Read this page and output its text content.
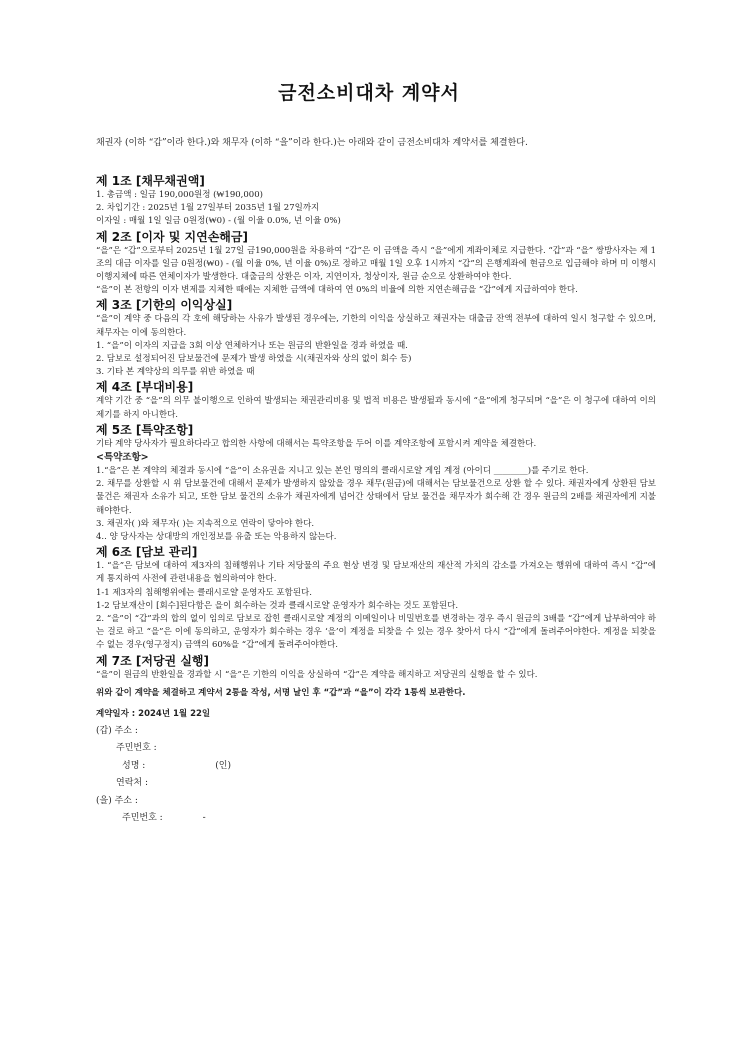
금전소비대차 계약서
채권자 (이하 “갑”이라 한다.)와 채무자 (이하 “을”이라 한다.)는 아래와 같이 금전소비대차 계약서를 체결한다.
제 1조 [채무채권액]
1. 총금액 : 일금 190,000원정 (₩190,000)
2. 차입기간 : 2025년 1월 27일부터 2035년 1월 27일까지
이자일 : 매월 1일 일금 0원정(₩0) - (월 이율 0.0%, 년 이율 0%)
제 2조 [이자 및 지연손해금]
“을”은 “갑”으로부터 2025년 1월 27일 금190,000원을 차용하여 “갑”은 이 금액을 즉시 “을”에게 계좌이체로 지급한다. “갑”과 “을” 쌍방사자는 제 1조의 대금 이자를 일금 0원정(₩0) - (월 이율 0%, 년 이율 0%)로 정하고 매월 1일 오후 1시까지 “갑”의 은행계좌에 현금으로 입금해야 하며 미 이행시 이행지체에 따른 연체이자가 발생한다. 대출금의 상환은 이자, 지연이자, 청상이자, 원금 순으로 상환하여야 한다.
“을”이 본 전항의 이자 변제를 지체한 때에는 지체한 금액에 대하여 연 0%의 비율에 의한 지연손해금을 “갑”에게 지급하여야 한다.
제 3조 [기한의 이익상실]
“을”이 계약 중 다음의 각 호에 해당하는 사유가 발생된 경우에는, 기한의 이익을 상실하고 채권자는 대출금 잔액 전부에 대하여 일시 청구할 수 있으며, 채무자는 이에 동의한다.
1. “을”이 이자의 지급을 3회 이상 연체하거나 또는 원금의 반환일을 경과 하였을 때.
2. 담보로 설정되어진 담보물건에 문제가 발생 하였을 시(채권자와 상의 없이 회수 등)
3. 기타 본 계약상의 의무를 위반 하였을 때
제 4조 [부대비용]
계약 기간 중 “을”의 의무 불이행으로 인하여 발생되는 채권관리비용 및 법적 비용은 발생될과 동시에 “을”에게 청구되며 “을”은 이 청구에 대하여 이의제기를 하지 아니한다.
제 5조 [특약조항]
기타 계약 당사자가 필요하다라고 합의한 사항에 대해서는 특약조항을 두어 이를 계약조항에 포함시켜 계약을 체결한다.
<특약조항>
1.“을”은 본 계약의 체결과 동시에 “을”이 소유권을 지니고 있는 본인 명의의 클래시로얄 게임 계정 (아이디 ________)를 주기로 한다.
2. 채무를 상환할 시 위 담보물건에 대해서 문제가 발생하지 않았을 경우 채무(원금)에 대해서는 담보물건으로 상환 할 수 있다. 채권자에게 상환된 담보 물건은 채권자 소유가 되고, 또한 담보 물건의 소유가 채권자에게 넘어간 상태에서 담보 물건을 채무자가 회수해 간 경우 원금의 2배를 채권자에게 지불해야한다.
3. 채권자( )와 채무자( )는 지속적으로 연락이 닿아야 한다.
4.. 양 당사자는 상대방의 개인정보를 유출 또는 악용하지 않는다.
제 6조 [담보 관리]
1. “을”은 담보에 대하여 제3자의 침해행위나 기타 저당물의 주요 현상 변경 및 담보재산의 재산적 가치의 감소를 가져오는 행위에 대하여 즉시 “갑”에게 통지하여 사전에 관련내용을 협의하여야 한다.
1-1 제3자의 침해행위에는 클래시로얄 운영자도 포함된다.
1-2 담보재산이 [회수]된다함은 을이 회수하는 것과 클래시로얄 운영자가 회수하는 것도 포함된다.
2. “을”이 “갑”과의 합의 없이 임의로 담보로 잡힌 클래시로얄 계정의 이메일이나 비밀번호를 변경하는 경우 즉시 원금의 3배를 “갑”에게 납부하여야 하는 걸로 하고 “을”은 이에 동의하고, 운영자가 회수하는 경우 ‘을’이 계정을 되찾을 수 있는 경우 찾아서 다시 “갑”에게 돌려주어야한다. 계정을 되찾을 수 없는 경우(영구정지) 금액의 60%을 “갑”에게 돌려주어야한다.
제 7조 [저당권 실행]
“을”이 원금의 반환일을 경과할 시 “을”은 기한의 이익을 상실하여 “갑”은 계약을 해지하고 저당권의 실행을 할 수 있다.
위와 같이 계약을 체결하고 계약서 2통을 작성, 서명 날인 후 “갑”과 “을”이 각각 1통씩 보관한다.
계약일자 : 2024년 1월 22일
(갑) 주소 :
주민번호 :
성명 :	(인)
연락처 :
(을) 주소 :
주민번호 :	-
